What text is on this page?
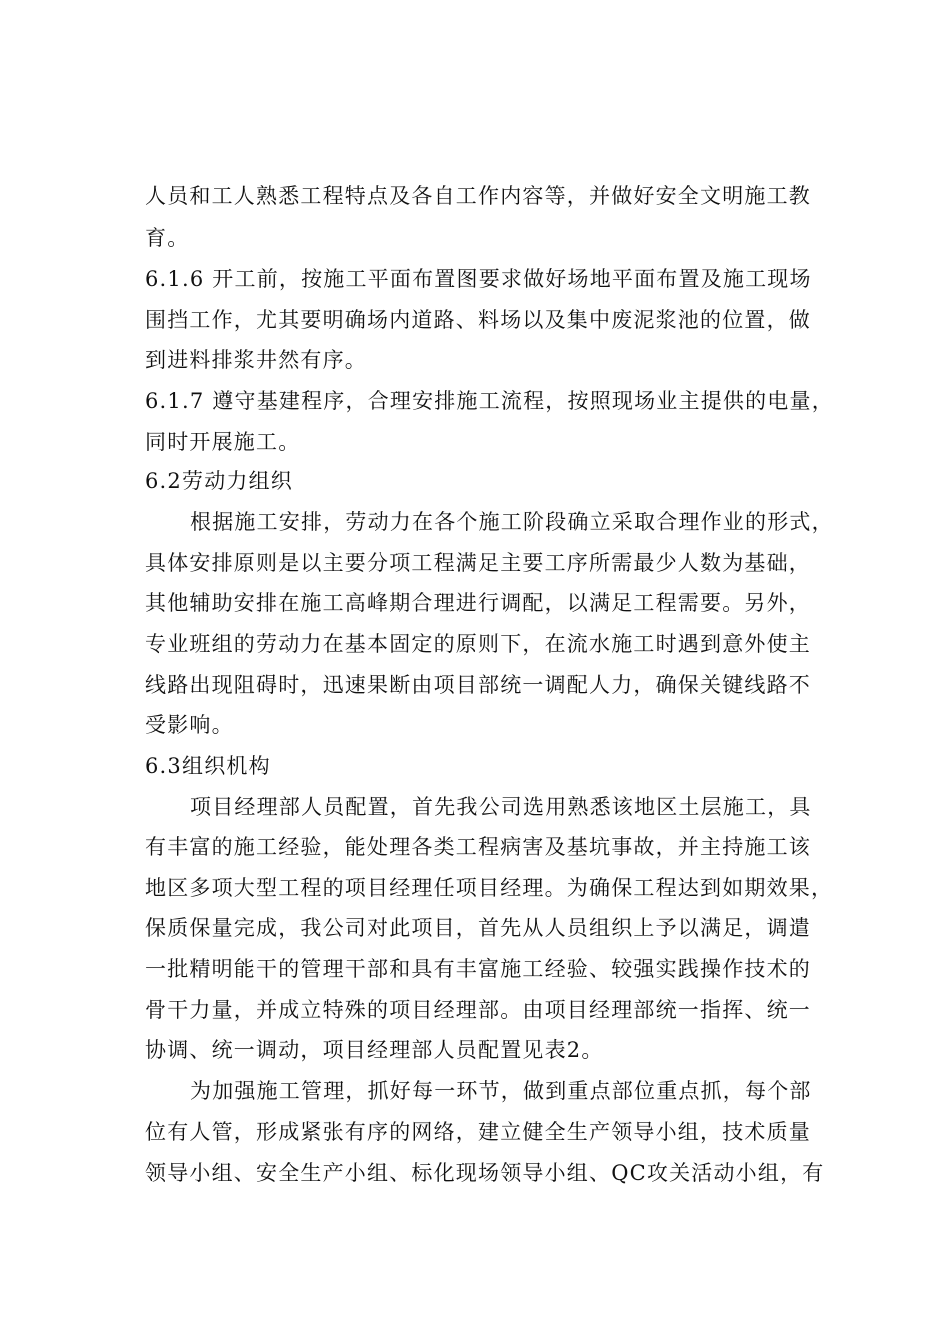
人员和工人熟悉工程特点及各自工作内容等，并做好安全文明施工教
育。
6.1.6 开工前，按施工平面布置图要求做好场地平面布置及施工现场
围挡工作，尤其要明确场内道路、料场以及集中废泥浆池的位置，做
到进料排浆井然有序。
6.1.7 遵守基建程序，合理安排施工流程，按照现场业主提供的电量，
同时开展施工。
6.2劳动力组织
根据施工安排，劳动力在各个施工阶段确立采取合理作业的形式，
具体安排原则是以主要分项工程满足主要工序所需最少人数为基础，
其他辅助安排在施工高峰期合理进行调配，以满足工程需要。另外，
专业班组的劳动力在基本固定的原则下，在流水施工时遇到意外使主
线路出现阻碍时，迅速果断由项目部统一调配人力，确保关键线路不
受影响。
6.3组织机构
项目经理部人员配置，首先我公司选用熟悉该地区土层施工，具
有丰富的施工经验，能处理各类工程病害及基坑事故，并主持施工该
地区多项大型工程的项目经理任项目经理。为确保工程达到如期效果，
保质保量完成，我公司对此项目，首先从人员组织上予以满足，调遣
一批精明能干的管理干部和具有丰富施工经验、较强实践操作技术的
骨干力量，并成立特殊的项目经理部。由项目经理部统一指挥、统一
协调、统一调动，项目经理部人员配置见表2。
为加强施工管理，抓好每一环节，做到重点部位重点抓，每个部
位有人管，形成紧张有序的网络，建立健全生产领导小组，技术质量
领导小组、安全生产小组、标化现场领导小组、QC攻关活动小组，有
